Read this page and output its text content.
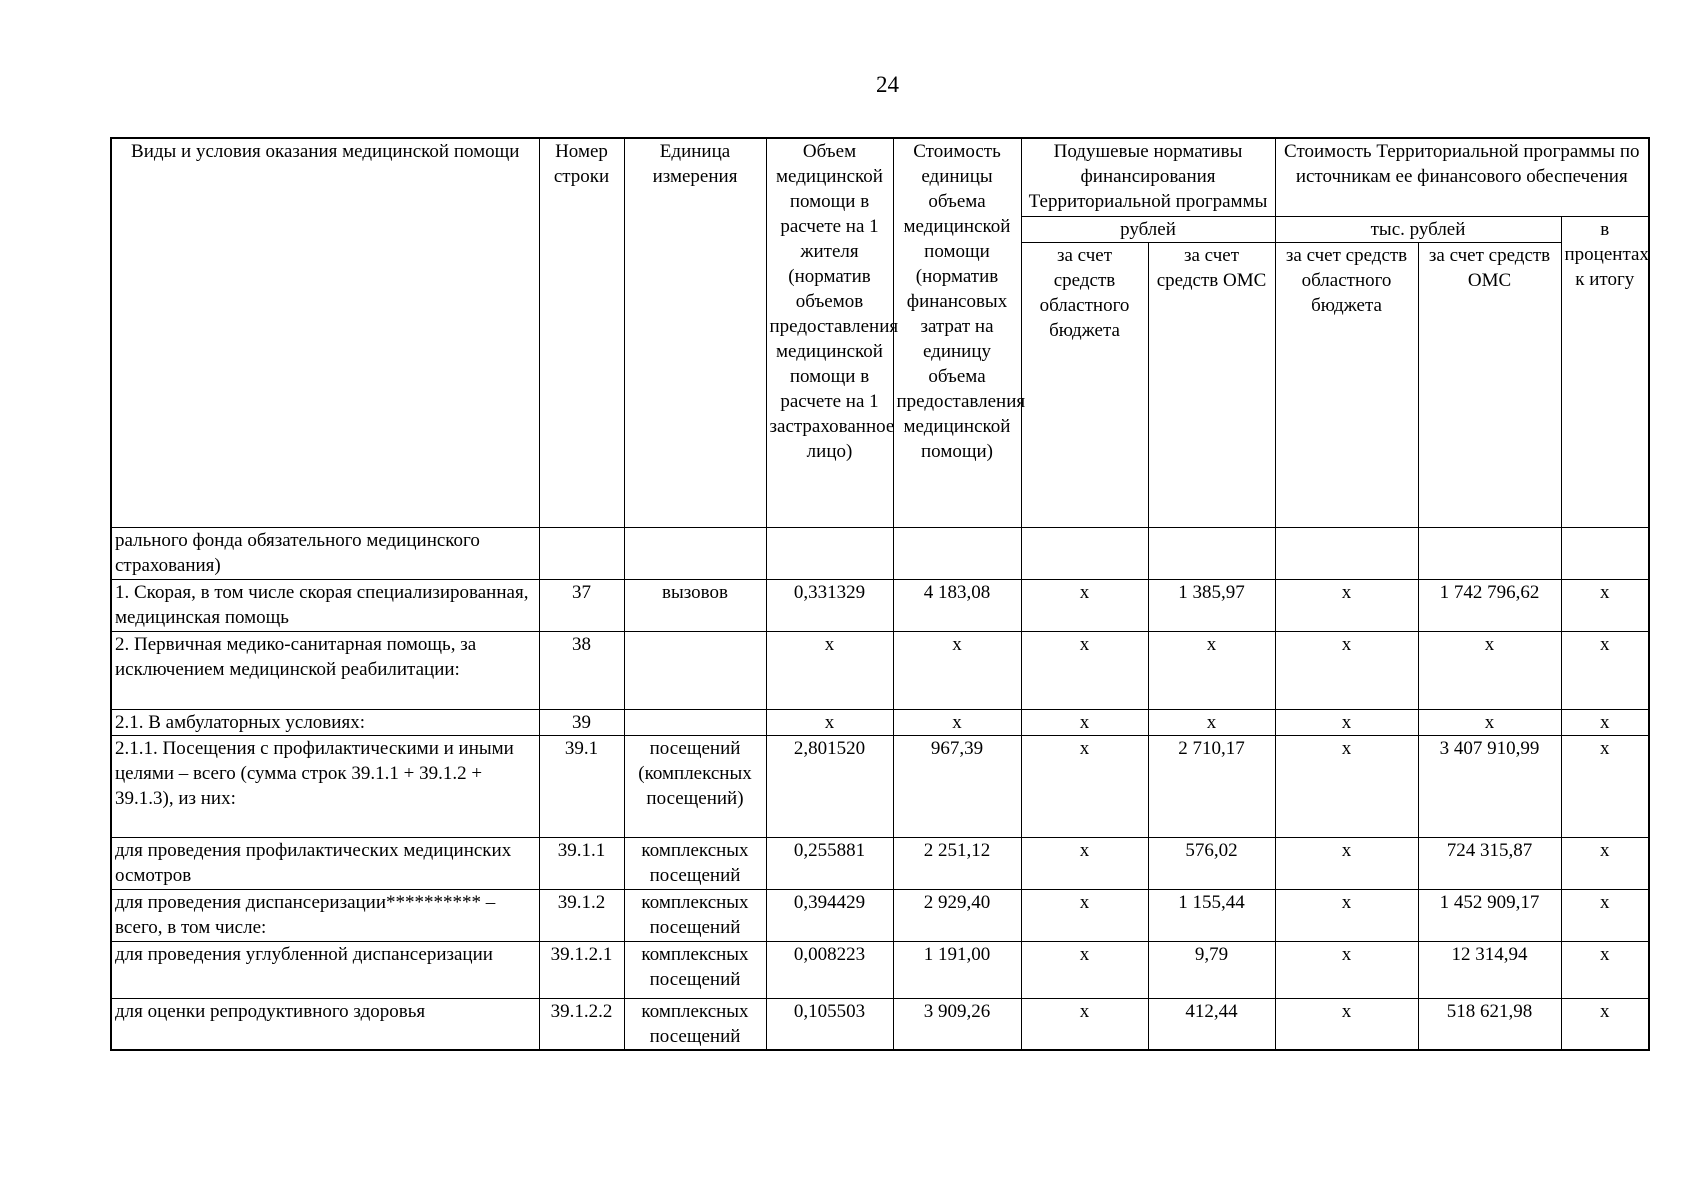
24
Виды и условия оказания медицинской помощи	Номер строки	Единица измерения	Объем медицинской помощи в расчете на 1 жителя (норматив объемов предоставления медицинской помощи в расчете на 1 застрахованное лицо)	Стоимость единицы объема медицинской помощи (норматив финансовых затрат на единицу объема предоставления медицинской помощи)	Подушевые нормативы финансирования Территориальной программы		Стоимость Территориальной программы по источникам ее финансового обеспечения		
					рублей		тыс. рублей		в процентах к итогу
					за счет средств областного бюджета	за счет средств ОМС	за счет средств областного бюджета	за счет средств ОМС	

рального фонда обязательного медицинского страхования)									
1. Скорая, в том числе скорая специализированная, медицинская помощь	37	вызовов	0,331329	4 183,08	х	1 385,97	х	1 742 796,62	х
2. Первичная медико-санитарная помощь, за исключением медицинской реабилитации:	38		х	х	х	х	х	х	х
2.1. В амбулаторных условиях:	39		х	х	х	х	х	х	х
2.1.1. Посещения с профилактическими и иными целями – всего (сумма строк 39.1.1 + 39.1.2 + 39.1.3), из них:	39.1	посещений (комплексных посещений)	2,801520	967,39	х	2 710,17	х	3 407 910,99	х
для проведения профилактических медицинских осмотров	39.1.1	комплексных посещений	0,255881	2 251,12	х	576,02	х	724 315,87	х
для проведения диспансеризации********** – всего, в том числе:	39.1.2	комплексных посещений	0,394429	2 929,40	х	1 155,44	х	1 452 909,17	х
для проведения углубленной диспансеризации	39.1.2.1	комплексных посещений	0,008223	1 191,00	х	9,79	х	12 314,94	х
для оценки репродуктивного здоровья	39.1.2.2	комплексных посещений	0,105503	3 909,26	х	412,44	х	518 621,98	х
